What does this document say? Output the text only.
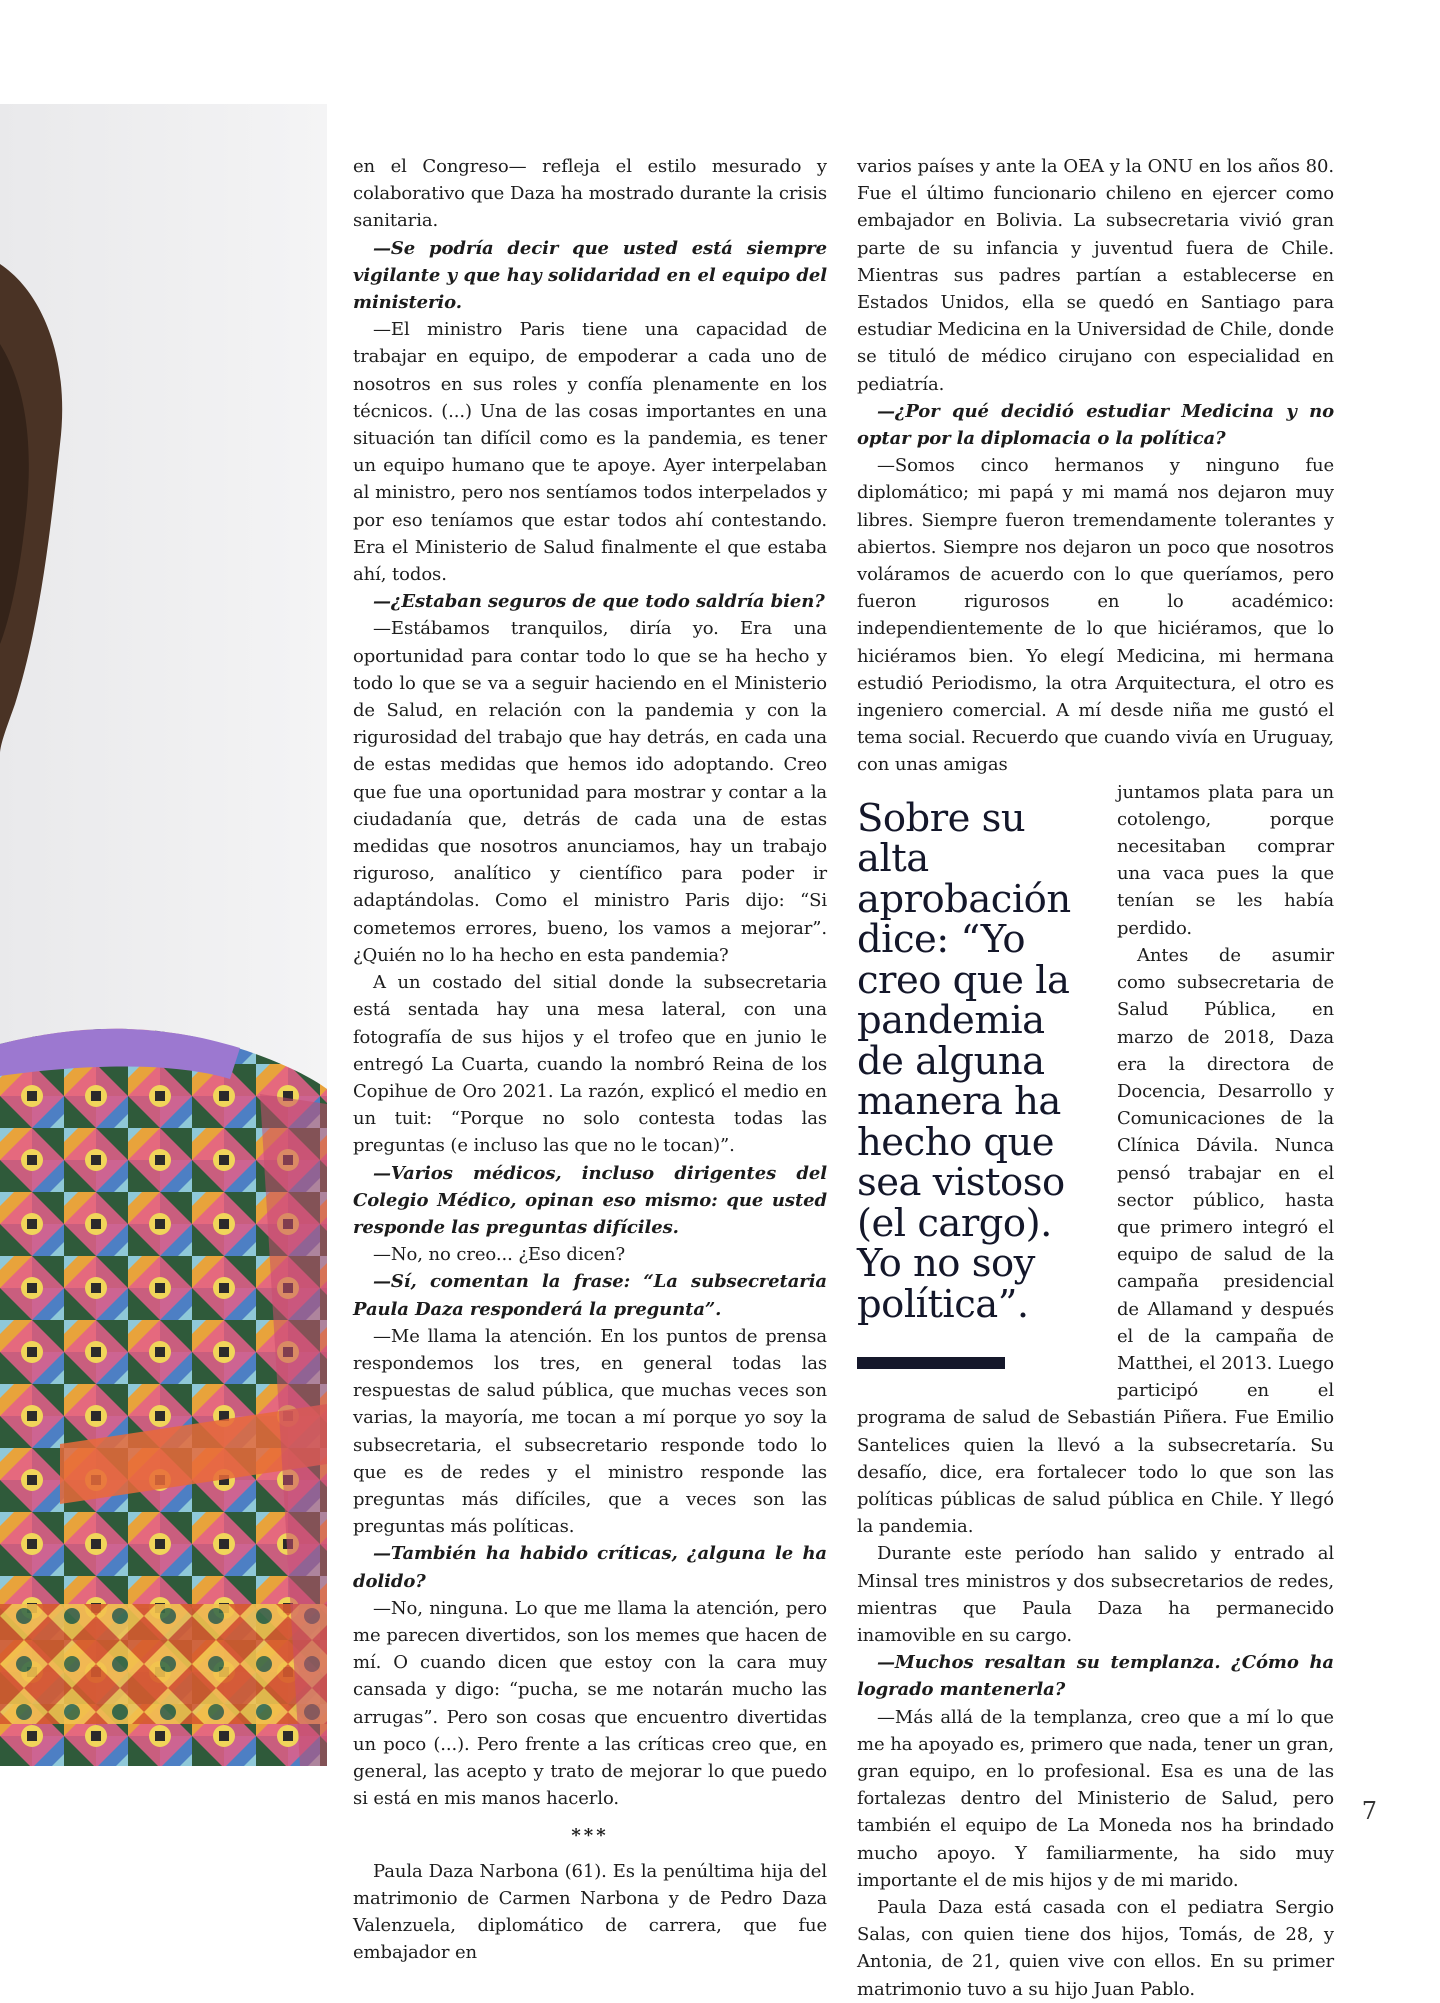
en el Congreso— refleja el estilo mesurado y colaborativo que Daza ha mostrado durante la crisis sanitaria.

—Se podría decir que usted está siempre vigilante y que hay solidaridad en el equipo del ministerio.

—El ministro Paris tiene una capacidad de trabajar en equipo, de empoderar a cada uno de nosotros en sus roles y confía plenamente en los técnicos. (...) Una de las cosas importantes en una situación tan difícil como es la pandemia, es tener un equipo humano que te apoye. Ayer interpelaban al ministro, pero nos sentíamos todos interpelados y por eso teníamos que estar todos ahí contestando. Era el Ministerio de Salud finalmente el que estaba ahí, todos.

—¿Estaban seguros de que todo saldría bien?

—Estábamos tranquilos, diría yo. Era una oportunidad para contar todo lo que se ha hecho y todo lo que se va a seguir haciendo en el Ministerio de Salud, en relación con la pandemia y con la rigurosidad del trabajo que hay detrás, en cada una de estas medidas que hemos ido adoptando. Creo que fue una oportunidad para mostrar y contar a la ciudadanía que, detrás de cada una de estas medidas que nosotros anunciamos, hay un trabajo riguroso, analítico y científico para poder ir adaptándolas. Como el ministro Paris dijo: “Si cometemos errores, bueno, los vamos a mejorar”. ¿Quién no lo ha hecho en esta pandemia?

A un costado del sitial donde la subsecretaria está sentada hay una mesa lateral, con una fotografía de sus hijos y el trofeo que en junio le entregó La Cuarta, cuando la nombró Reina de los Copihue de Oro 2021. La razón, explicó el medio en un tuit: “Porque no solo contesta todas las preguntas (e incluso las que no le tocan)”.

—Varios médicos, incluso dirigentes del Colegio Médico, opinan eso mismo: que usted responde las preguntas difíciles.

—No, no creo... ¿Eso dicen?

—Sí, comentan la frase: “La subsecretaria Paula Daza responderá la pregunta”.

—Me llama la atención. En los puntos de prensa respondemos los tres, en general todas las respuestas de salud pública, que muchas veces son varias, la mayoría, me tocan a mí porque yo soy la subsecretaria, el subsecretario responde todo lo que es de redes y el ministro responde las preguntas más difíciles, que a veces son las preguntas más políticas.

—También ha habido críticas, ¿alguna le ha dolido?

—No, ninguna. Lo que me llama la atención, pero me parecen divertidos, son los memes que hacen de mí. O cuando dicen que estoy con la cara muy cansada y digo: “pucha, se me notarán mucho las arrugas”. Pero son cosas que encuentro divertidas un poco (...). Pero frente a las críticas creo que, en general, las acepto y trato de mejorar lo que puedo si está en mis manos hacerlo.

***

Paula Daza Narbona (61). Es la penúltima hija del matrimonio de Carmen Narbona y de Pedro Daza Valenzuela, diplomático de carrera, que fue embajador en

varios países y ante la OEA y la ONU en los años 80. Fue el último funcionario chileno en ejercer como embajador en Bolivia. La subsecretaria vivió gran parte de su infancia y juventud fuera de Chile. Mientras sus padres partían a establecerse en Estados Unidos, ella se quedó en Santiago para estudiar Medicina en la Universidad de Chile, donde se tituló de médico cirujano con especialidad en pediatría.

—¿Por qué decidió estudiar Medicina y no optar por la diplomacia o la política?

—Somos cinco hermanos y ninguno fue diplomático; mi papá y mi mamá nos dejaron muy libres. Siempre fueron tremendamente tolerantes y abiertos. Siempre nos dejaron un poco que nosotros voláramos de acuerdo con lo que queríamos, pero fueron rigurosos en lo académico: independientemente de lo que hiciéramos, que lo hiciéramos bien. Yo elegí Medicina, mi hermana estudió Periodismo, la otra Arquitectura, el otro es ingeniero comercial. A mí desde niña me gustó el tema social. Recuerdo que cuando vivía en Uruguay, con unas amigas

Sobre su alta aprobación dice: “Yo creo que la pandemia de alguna manera ha hecho que sea vistoso (el cargo). Yo no soy política”.

juntamos plata para un cotolengo, porque necesitaban comprar una vaca pues la que tenían se les había perdido.

Antes de asumir como subsecretaria de Salud Pública, en marzo de 2018, Daza era la directora de Docencia, Desarrollo y Comunicaciones de la Clínica Dávila. Nunca pensó trabajar en el sector público, hasta que primero integró el equipo de salud de la campaña presidencial de Allamand y después el de la campaña de Matthei, el 2013. Luego participó en el programa de salud de Sebastián Piñera. Fue Emilio Santelices quien la llevó a la subsecretaría. Su desafío, dice, era fortalecer todo lo que son las políticas públicas de salud pública en Chile. Y llegó la pandemia.

Durante este período han salido y entrado al Minsal tres ministros y dos subsecretarios de redes, mientras que Paula Daza ha permanecido inamovible en su cargo.

—Muchos resaltan su templanza. ¿Cómo ha logrado mantenerla?

—Más allá de la templanza, creo que a mí lo que me ha apoyado es, primero que nada, tener un gran, gran equipo, en lo profesional. Esa es una de las fortalezas dentro del Ministerio de Salud, pero también el equipo de La Moneda nos ha brindado mucho apoyo. Y familiarmente, ha sido muy importante el de mis hijos y de mi marido.

Paula Daza está casada con el pediatra Sergio Salas, con quien tiene dos hijos, Tomás, de 28, y Antonia, de 21, quien vive con ellos. En su primer matrimonio tuvo a su hijo Juan Pablo.

7
